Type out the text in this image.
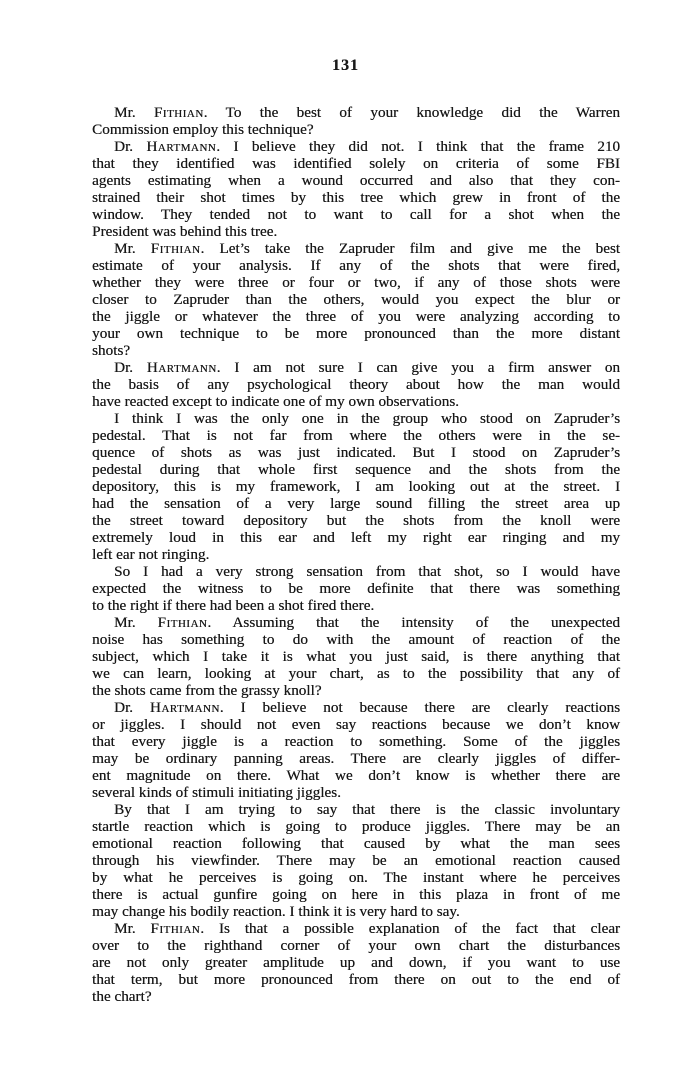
131
Mr. Fithian. To the best of your knowledge did the Warren
Commission employ this technique?
Dr. Hartmann. I believe they did not. I think that the frame 210
that they identified was identified solely on criteria of some FBI
agents estimating when a wound occurred and also that they con-
strained their shot times by this tree which grew in front of the
window. They tended not to want to call for a shot when the
President was behind this tree.
Mr. Fithian. Let’s take the Zapruder film and give me the best
estimate of your analysis. If any of the shots that were fired,
whether they were three or four or two, if any of those shots were
closer to Zapruder than the others, would you expect the blur or
the jiggle or whatever the three of you were analyzing according to
your own technique to be more pronounced than the more distant
shots?
Dr. Hartmann. I am not sure I can give you a firm answer on
the basis of any psychological theory about how the man would
have reacted except to indicate one of my own observations.
I think I was the only one in the group who stood on Zapruder’s
pedestal. That is not far from where the others were in the se-
quence of shots as was just indicated. But I stood on Zapruder’s
pedestal during that whole first sequence and the shots from the
depository, this is my framework, I am looking out at the street. I
had the sensation of a very large sound filling the street area up
the street toward depository but the shots from the knoll were
extremely loud in this ear and left my right ear ringing and my
left ear not ringing.
So I had a very strong sensation from that shot, so I would have
expected the witness to be more definite that there was something
to the right if there had been a shot fired there.
Mr. Fithian. Assuming that the intensity of the unexpected
noise has something to do with the amount of reaction of the
subject, which I take it is what you just said, is there anything that
we can learn, looking at your chart, as to the possibility that any of
the shots came from the grassy knoll?
Dr. Hartmann. I believe not because there are clearly reactions
or jiggles. I should not even say reactions because we don’t know
that every jiggle is a reaction to something. Some of the jiggles
may be ordinary panning areas. There are clearly jiggles of differ-
ent magnitude on there. What we don’t know is whether there are
several kinds of stimuli initiating jiggles.
By that I am trying to say that there is the classic involuntary
startle reaction which is going to produce jiggles. There may be an
emotional reaction following that caused by what the man sees
through his viewfinder. There may be an emotional reaction caused
by what he perceives is going on. The instant where he perceives
there is actual gunfire going on here in this plaza in front of me
may change his bodily reaction. I think it is very hard to say.
Mr. Fithian. Is that a possible explanation of the fact that clear
over to the righthand corner of your own chart the disturbances
are not only greater amplitude up and down, if you want to use
that term, but more pronounced from there on out to the end of
the chart?
